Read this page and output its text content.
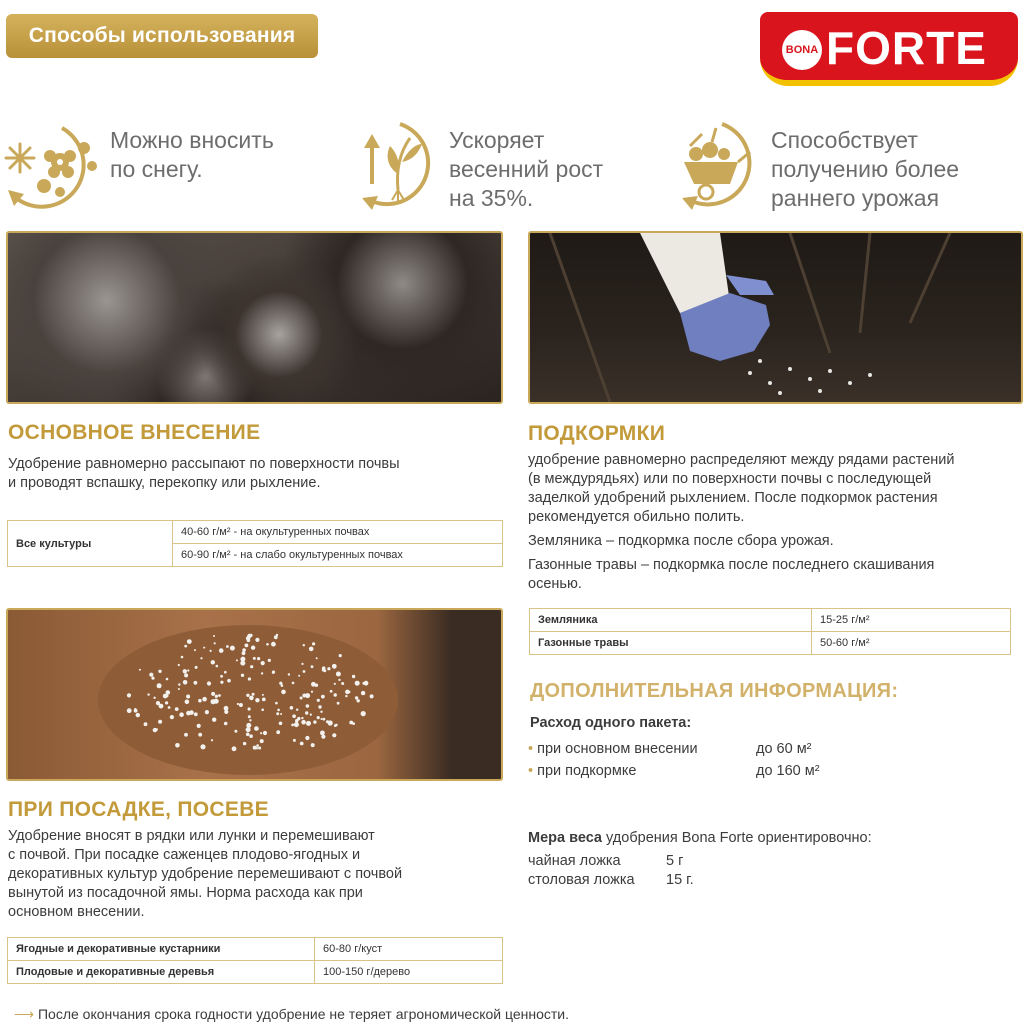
Способы использования
BONA FORTE
Можно вносить
по снегу.
Ускоряет
весенний рост
на 35%.
Способствует
получению более
раннего урожая
ОСНОВНОЕ ВНЕСЕНИЕ
Удобрение равномерно рассыпают по поверхности почвы
и проводят вспашку, перекопку или рыхление.
Все культуры	40-60 г/м² - на окультуренных почвах
60-90 г/м² - на слабо окультуренных почвах
ПОДКОРМКИ
удобрение равномерно распределяют между рядами растений
(в междурядьях) или по поверхности почвы с последующей
заделкой удобрений рыхлением. После подкормок растения
рекомендуется обильно полить.
Земляника – подкормка после сбора урожая.
Газонные травы – подкормка после последнего скашивания
осенью.
Земляника	15-25 г/м²
Газонные травы	50-60 г/м²
ДОПОЛНИТЕЛЬНАЯ ИНФОРМАЦИЯ:
Расход одного пакета:
• при основном внесении	до 60 м²
• при подкормке	до 160 м²
Мера веса удобрения Bona Forte ориентировочно:
чайная ложка	5 г
столовая ложка 15 г.
ПРИ ПОСАДКЕ, ПОСЕВЕ
Удобрение вносят в рядки или лунки и перемешивают
с почвой. При посадке саженцев плодово-ягодных и
декоративных культур удобрение перемешивают с почвой
вынутой из посадочной ямы. Норма расхода как при
основном внесении.
Ягодные и декоративные кустарники	60-80 г/куст
Плодовые и декоративные деревья	100-150 г/дерево
⟶ После окончания срока годности удобрение не теряет агрономической ценности.
